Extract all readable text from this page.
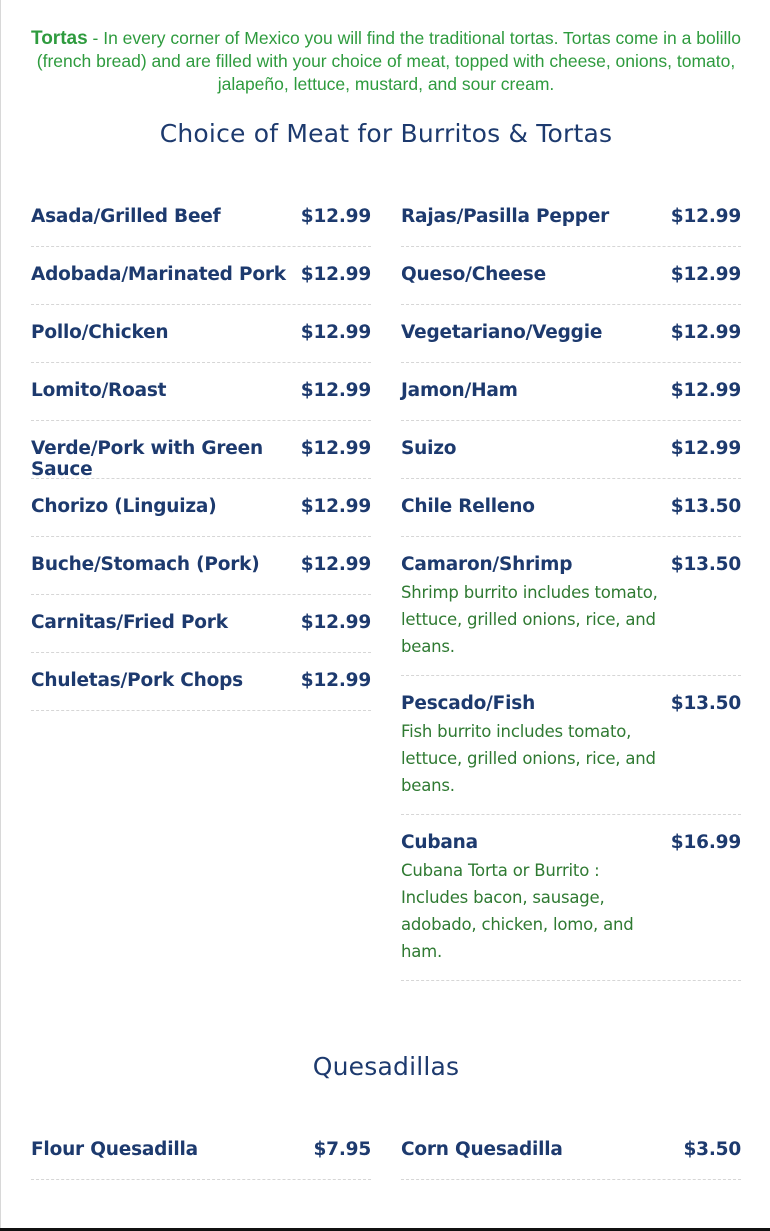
Tortas - In every corner of Mexico you will find the traditional tortas. Tortas come in a bolillo (french bread) and are filled with your choice of meat, topped with cheese, onions, tomato, jalapeño, lettuce, mustard, and sour cream.
Choice of Meat for Burritos & Tortas
Asada/Grilled Beef	$12.99
Adobada/Marinated Pork $12.99
Pollo/Chicken	$12.99
Lomito/Roast	$12.99
Verde/Pork with Green Sauce
$12.99
Chorizo (Linguiza)	$12.99
Buche/Stomach (Pork) $12.99
Carnitas/Fried Pork	$12.99
Chuletas/Pork Chops	$12.99
Rajas/Pasilla Pepper	$12.99
Queso/Cheese	$12.99
Vegetariano/Veggie	$12.99
Jamon/Ham	$12.99
Suizo	$12.99
Chile Relleno	$13.50
Camaron/Shrimp	$13.50
Shrimp burrito includes tomato, lettuce, grilled onions, rice, and beans.
Pescado/Fish	$13.50
Fish burrito includes tomato, lettuce, grilled onions, rice, and beans.
Cubana	$16.99
Cubana Torta or Burrito : Includes bacon, sausage, adobado, chicken, lomo, and ham.
Quesadillas
Flour Quesadilla	$7.95 Corn Quesadilla	$3.50
